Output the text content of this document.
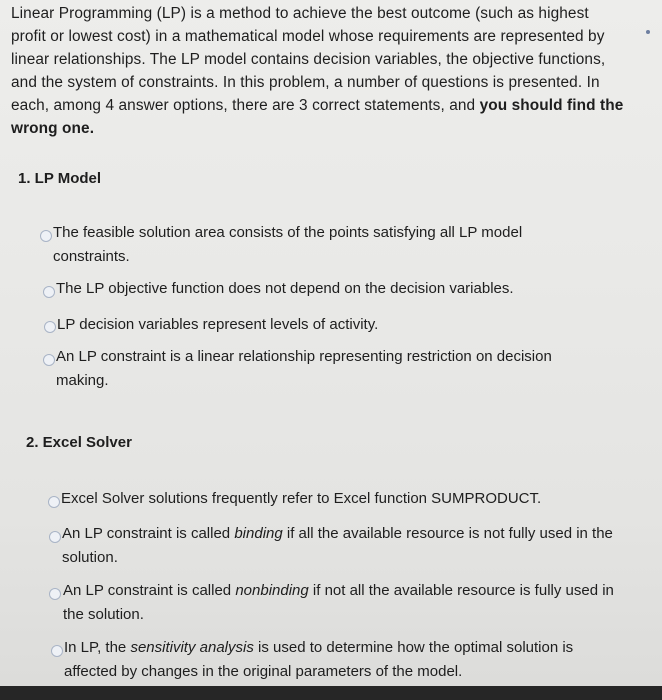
Linear Programming (LP) is a method to achieve the best outcome (such as highest profit or lowest cost) in a mathematical model whose requirements are represented by linear relationships. The LP model contains decision variables, the objective functions, and the system of constraints. In this problem, a number of questions is presented. In each, among 4 answer options, there are 3 correct statements, and you should find the wrong one.
1. LP Model
The feasible solution area consists of the points satisfying all LP model constraints.
The LP objective function does not depend on the decision variables.
LP decision variables represent levels of activity.
An LP constraint is a linear relationship representing restriction on decision making.
2. Excel Solver
Excel Solver solutions frequently refer to Excel function SUMPRODUCT.
An LP constraint is called binding if all the available resource is not fully used in the solution.
An LP constraint is called nonbinding if not all the available resource is fully used in the solution.
In LP, the sensitivity analysis is used to determine how the optimal solution is affected by changes in the original parameters of the model.
